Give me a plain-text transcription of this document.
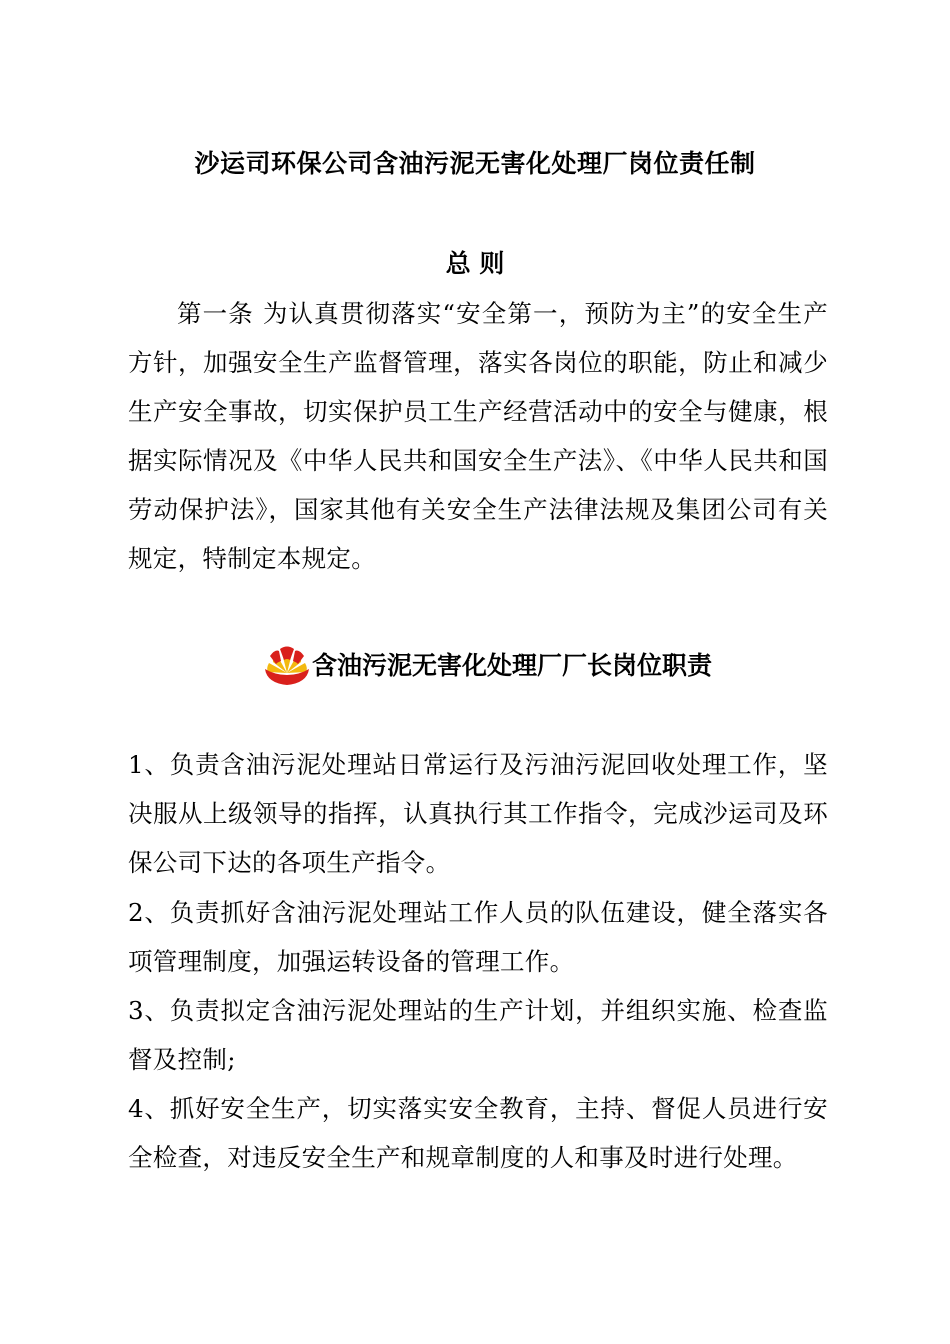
沙运司环保公司含油污泥无害化处理厂岗位责任制
总 则
第一条 为认真贯彻落实“安全第一，预防为主”的安全生产方针，加强安全生产监督管理，落实各岗位的职能，防止和减少生产安全事故，切实保护员工生产经营活动中的安全与健康，根据实际情况及《中华人民共和国安全生产法》、《中华人民共和国劳动保护法》，国家其他有关安全生产法律法规及集团公司有关规定，特制定本规定。
含油污泥无害化处理厂厂长岗位职责
1、负责含油污泥处理站日常运行及污油污泥回收处理工作，坚决服从上级领导的指挥，认真执行其工作指令，完成沙运司及环保公司下达的各项生产指令。
2、负责抓好含油污泥处理站工作人员的队伍建设，健全落实各项管理制度，加强运转设备的管理工作。
3、负责拟定含油污泥处理站的生产计划，并组织实施、检查监督及控制;
4、抓好安全生产，切实落实安全教育，主持、督促人员进行安全检查，对违反安全生产和规章制度的人和事及时进行处理。
